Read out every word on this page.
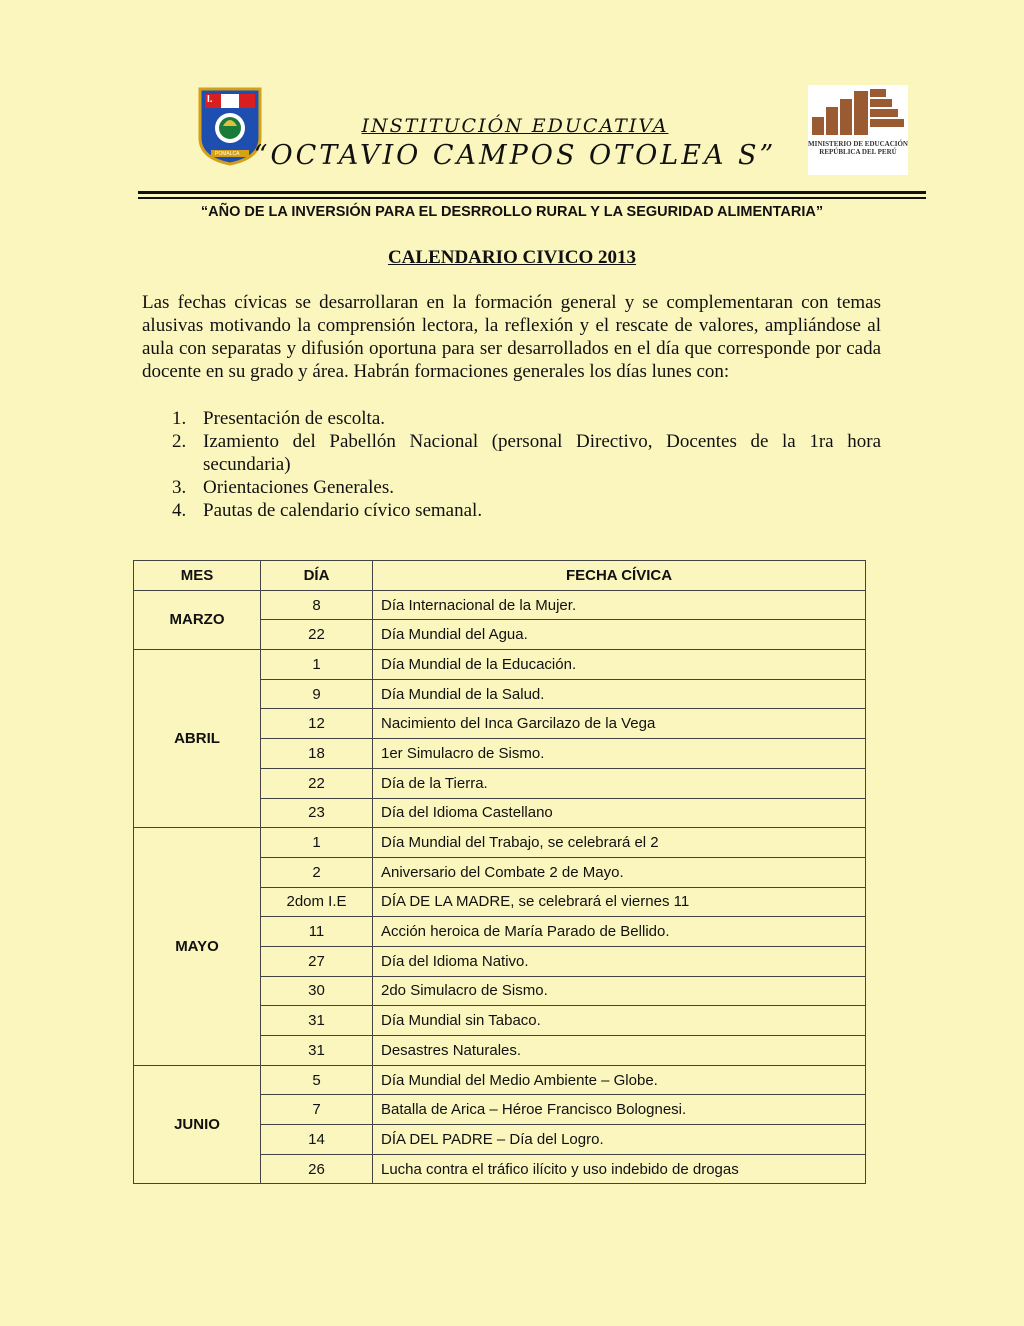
I.    E.
POMALCA
INSTITUCIÓN EDUCATIVA
“OCTAVIO CAMPOS OTOLEA S”	MINISTERIO DE EDUCACIÓN REPÚBLICA DEL PERÚ
“AÑO DE LA INVERSIÓN PARA EL DESRROLLO RURAL Y LA SEGURIDAD ALIMENTARIA”
CALENDARIO CIVICO 2013

Las fechas cívicas se desarrollaran en la formación general y se complementaran con temas alusivas motivando la comprensión lectora, la reflexión y el rescate de valores, ampliándose al aula con separatas y difusión oportuna para ser desarrollados en el día que corresponde por cada docente en su grado y área. Habrán formaciones generales los días lunes con:

1. Presentación de escolta.
2. Izamiento del Pabellón Nacional (personal Directivo, Docentes de la 1ra hora secundaria)
3. Orientaciones Generales.
4. Pautas de calendario cívico semanal.
MES	DÍA	FECHA CÍVICA
MARZO	8	Día Internacional de la Mujer.
	22	Día Mundial del Agua.
ABRIL	1	Día Mundial de la Educación.
	9	Día Mundial de la Salud.
	12	Nacimiento del Inca Garcilazo de la Vega
	18	1er Simulacro de Sismo.
	22	Día de la Tierra.
	23	Día del Idioma Castellano
MAYO	1	Día Mundial del Trabajo, se celebrará el 2
	2	Aniversario del Combate 2 de Mayo.
	2dom I.E	DÍA DE LA MADRE, se celebrará el viernes 11
	11	Acción heroica de María Parado de Bellido.
	27	Día del Idioma Nativo.
	30	2do Simulacro de Sismo.
	31	Día Mundial sin Tabaco.
	31	Desastres Naturales.
JUNIO	5	Día Mundial del Medio Ambiente – Globe.
	7	Batalla de Arica – Héroe Francisco Bolognesi.
	14	DÍA DEL PADRE – Día del Logro.
	26	Lucha contra el tráfico ilícito y uso indebido de drogas
